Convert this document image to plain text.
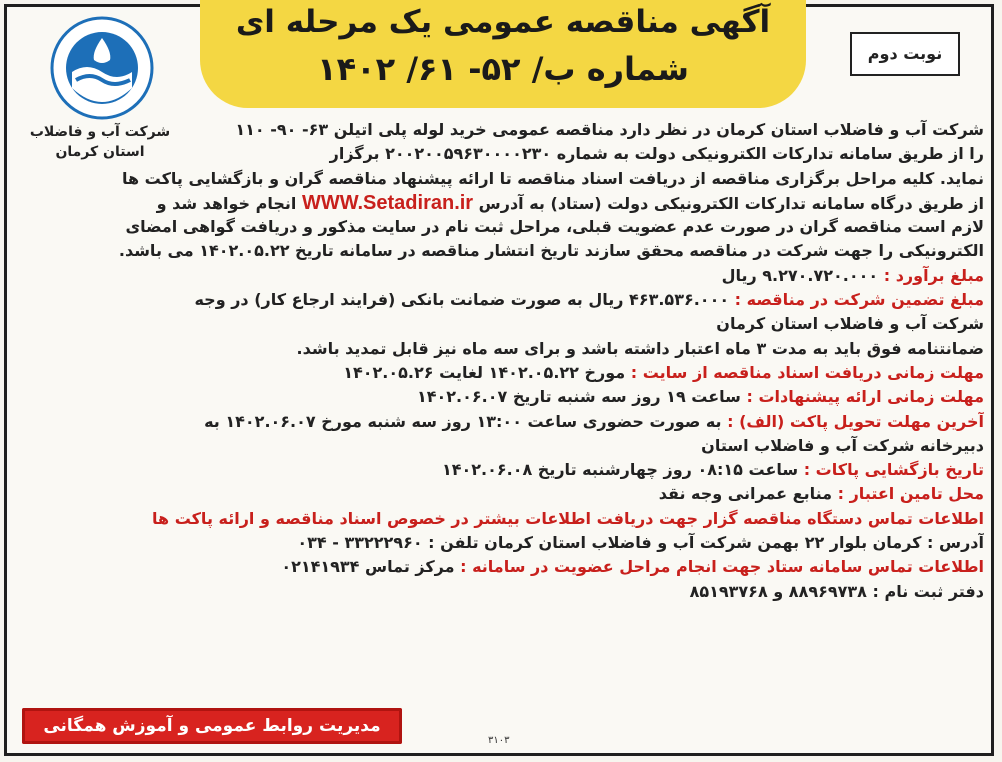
آگهی مناقصه عمومی یک مرحله ای
شماره ب/ ۵۲- ۶۱/ ۱۴۰۲
شرکت آب و فاضلاب
استان کرمان
نوبت دوم
شرکت آب و فاضلاب استان کرمان در نظر دارد مناقصه عمومی خرید لوله پلی اتیلن ۶۳- ۹۰- ۱۱۰
را از طریق سامانه تدارکات الکترونیکی دولت به شماره ۲۰۰۲۰۰۵۹۶۳۰۰۰۰۲۳۰ برگزار
نماید. کلیه مراحل برگزاری مناقصه از دریافت اسناد مناقصه تا ارائه پیشنهاد مناقصه گران و بازگشایی پاکت ها
از طریق درگاه سامانه تدارکات الکترونیکی دولت (ستاد) به آدرس WWW.Setadiran.ir انجام خواهد شد و
لازم است مناقصه گران در صورت عدم عضویت قبلی، مراحل ثبت نام در سایت مذکور و دریافت گواهی امضای
الکترونیکی را جهت شرکت در مناقصه محقق سازند تاریخ انتشار مناقصه در سامانه تاریخ ۱۴۰۲.۰۵.۲۲ می باشد.
مبلغ برآورد : ۹.۲۷۰.۷۲۰.۰۰۰ ریال
مبلغ تضمین شرکت در مناقصه : ۴۶۳.۵۳۶.۰۰۰ ریال به صورت ضمانت بانکی (فرایند ارجاع کار) در وجه
شرکت آب و فاضلاب استان کرمان
ضمانتنامه فوق باید به مدت ۳ ماه اعتبار داشته باشد و برای سه ماه نیز قابل تمدید باشد.
مهلت زمانی دریافت اسناد مناقصه از سایت : مورخ ۱۴۰۲.۰۵.۲۲ لغایت ۱۴۰۲.۰۵.۲۶
مهلت زمانی ارائه پیشنهادات : ساعت ۱۹ روز سه شنبه تاریخ ۱۴۰۲.۰۶.۰۷
آخرین مهلت تحویل پاکت (الف) : به صورت حضوری ساعت ۱۳:۰۰ روز سه شنبه مورخ ۱۴۰۲.۰۶.۰۷ به
دبیرخانه شرکت آب و فاضلاب استان
تاریخ بازگشایی پاکات : ساعت ۰۸:۱۵ روز چهارشنبه تاریخ ۱۴۰۲.۰۶.۰۸
محل تامین اعتبار : منابع عمرانی وجه نقد
اطلاعات تماس دستگاه مناقصه گزار جهت دریافت اطلاعات بیشتر در خصوص اسناد مناقصه و ارائه پاکت ها
آدرس : کرمان بلوار ۲۲ بهمن شرکت آب و فاضلاب استان کرمان تلفن : ۳۳۲۲۲۹۶۰ - ۰۳۴
اطلاعات تماس سامانه ستاد جهت انجام مراحل عضویت در سامانه : مرکز تماس ۰۲۱۴۱۹۳۴
دفتر ثبت نام : ۸۸۹۶۹۷۳۸ و ۸۵۱۹۳۷۶۸
مدیریت روابط عمومی و آموزش همگانی
۳۱۰۳
